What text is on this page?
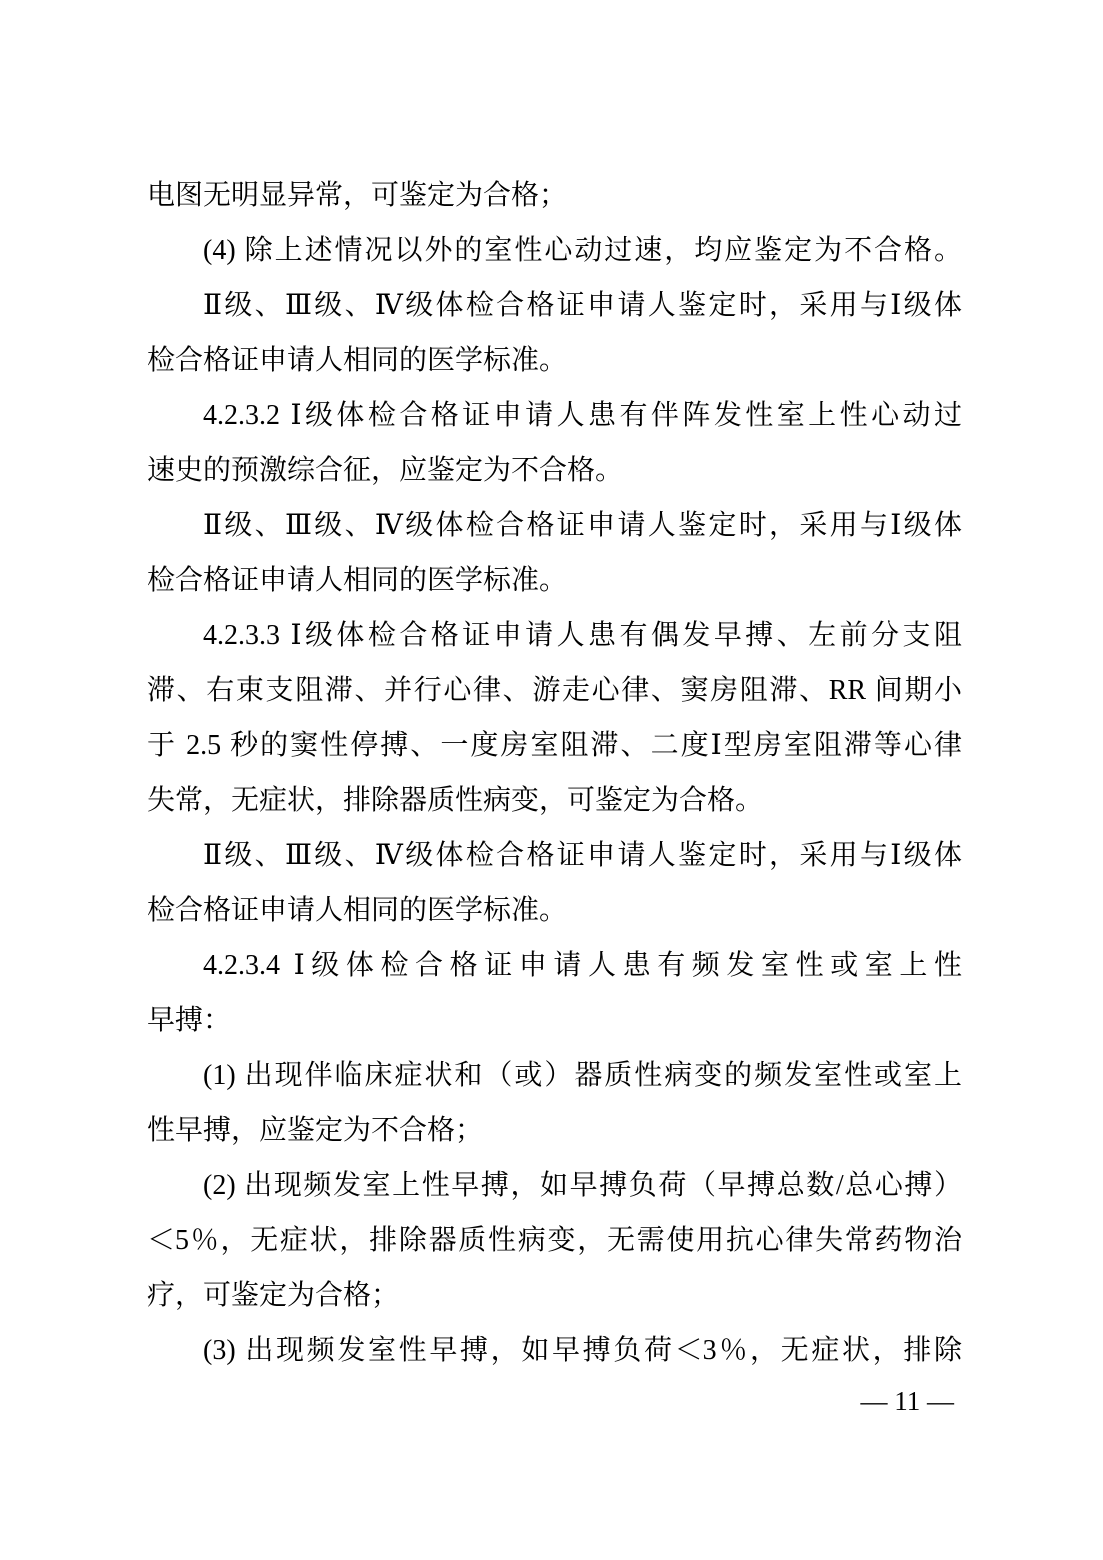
电图无明显异常，可鉴定为合格；
(4) 除上述情况以外的室性心动过速，均应鉴定为不合格。
Ⅱ级、Ⅲ级、Ⅳ级体检合格证申请人鉴定时，采用与Ⅰ级体
检合格证申请人相同的医学标准。
4.2.3.2 Ⅰ级体检合格证申请人患有伴阵发性室上性心动过
速史的预激综合征，应鉴定为不合格。
Ⅱ级、Ⅲ级、Ⅳ级体检合格证申请人鉴定时，采用与Ⅰ级体
检合格证申请人相同的医学标准。
4.2.3.3 Ⅰ级体检合格证申请人患有偶发早搏、左前分支阻
滞、右束支阻滞、并行心律、游走心律、窦房阻滞、RR 间期小
于 2.5 秒的窦性停搏、一度房室阻滞、二度Ⅰ型房室阻滞等心律
失常，无症状，排除器质性病变，可鉴定为合格。
Ⅱ级、Ⅲ级、Ⅳ级体检合格证申请人鉴定时，采用与Ⅰ级体
检合格证申请人相同的医学标准。
4.2.3.4 Ⅰ级体检合格证申请人患有频发室性或室上性
早搏：
(1) 出现伴临床症状和（或）器质性病变的频发室性或室上
性早搏，应鉴定为不合格；
(2) 出现频发室上性早搏，如早搏负荷（早搏总数/总心搏）
＜5％，无症状，排除器质性病变，无需使用抗心律失常药物治
疗，可鉴定为合格；
(3) 出现频发室性早搏，如早搏负荷＜3％，无症状，排除
— 11 —
